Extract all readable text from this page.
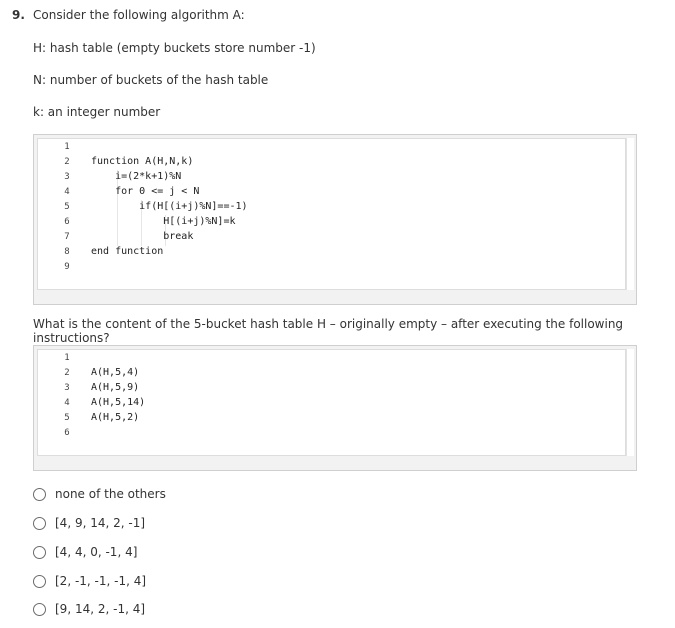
9. Consider the following algorithm A:
H: hash table (empty buckets store number -1)
N: number of buckets of the hash table
k: an integer number
1
2
3
4
5
6
7
8
9
function A(H,N,k)
i=(2*k+1)%N
for 0 <= j < N
if(H[(i+j)%N]==-1)
H[(i+j)%N]=k
break
end function
What is the content of the 5-bucket hash table H – originally empty – after executing the following instructions?
1
2
3
4
5
6
A(H,5,4)
A(H,5,9)
A(H,5,14)
A(H,5,2)
none of the others
[4, 9, 14, 2, -1]
[4, 4, 0, -1, 4]
[2, -1, -1, -1, 4]
[9, 14, 2, -1, 4]
